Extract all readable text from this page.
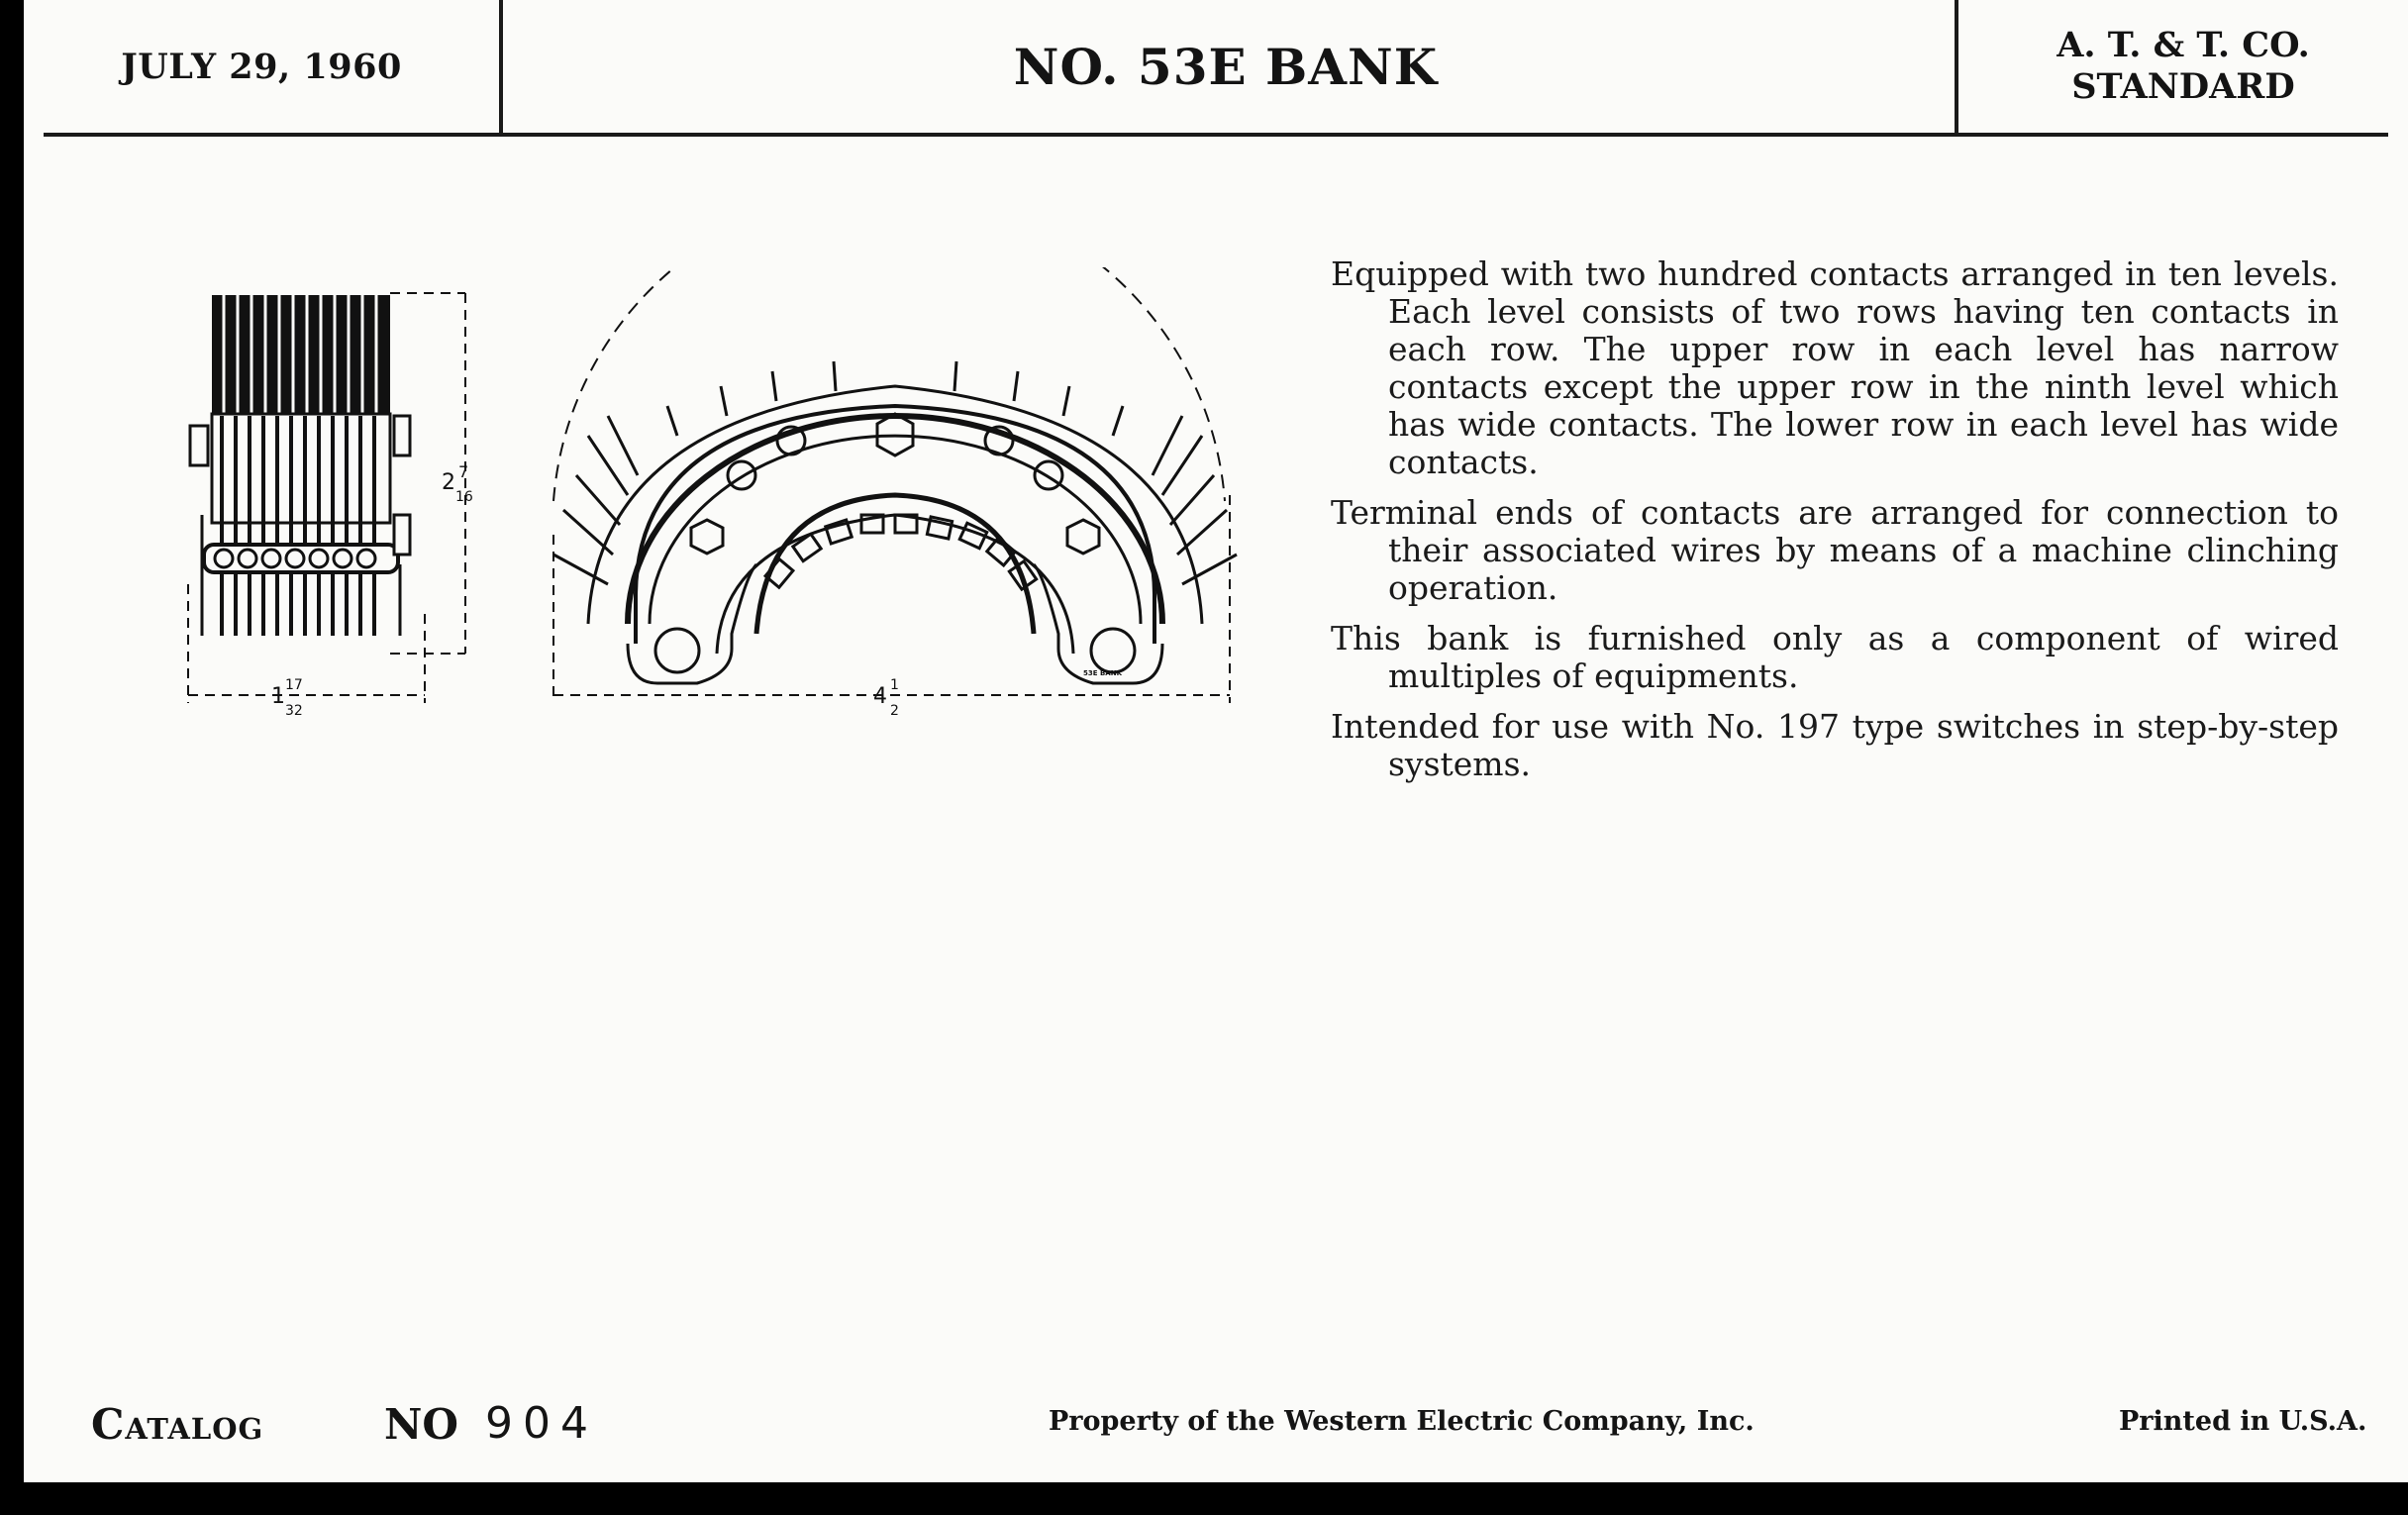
JULY 29, 1960	NO. 53E BANK	A. T. & T. CO.
STANDARD
2 7
16
1 17
32
4 1
2
53E BANK

Equipped with two hundred contacts arranged in ten levels. Each level consists of two rows having ten contacts in each row. The upper row in each level has narrow contacts except the upper row in the ninth level which has wide contacts. The lower row in each level has wide contacts.

Terminal ends of contacts are arranged for connection to their associated wires by means of a machine clinching operation.

This bank is furnished only as a component of wired multiples of equipments.

Intended for use with No. 197 type switches in step-by-step systems.

Catalog	NO 904	Property of the Western Electric Company, Inc.	Printed in U.S.A.
